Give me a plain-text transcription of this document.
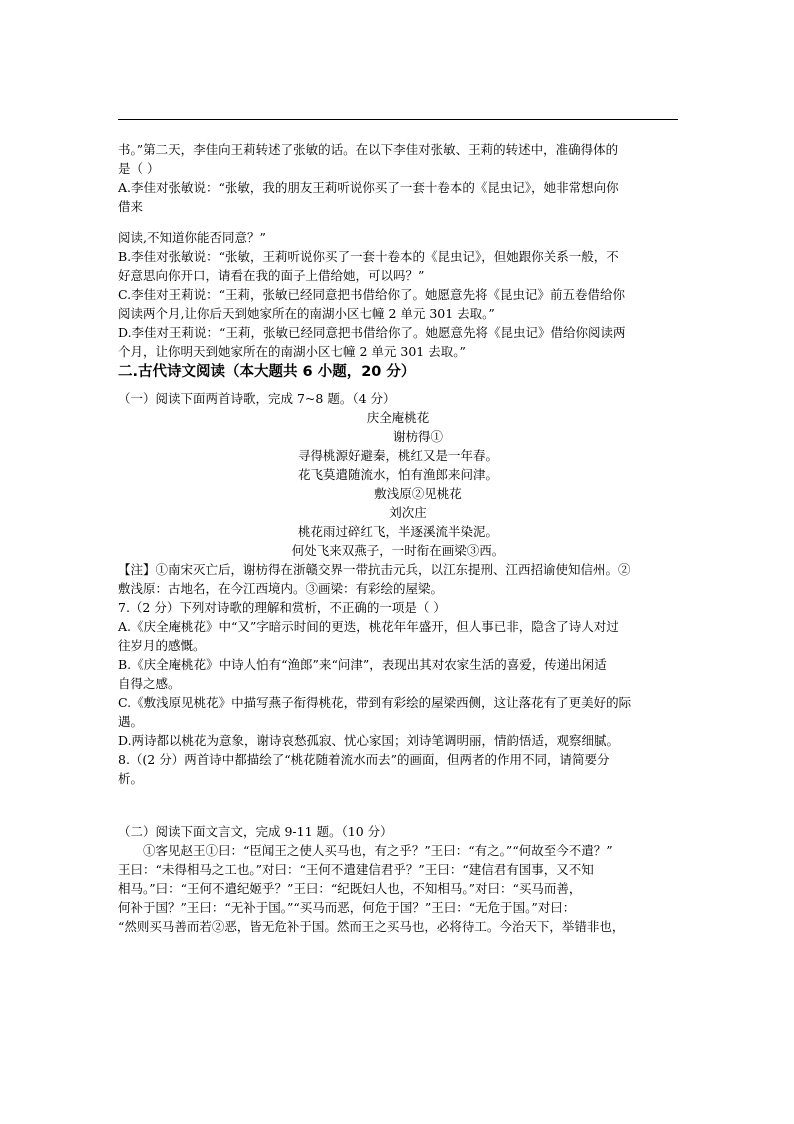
书。”第二天，李佳向王莉转述了张敏的话。在以下李佳对张敏、王莉的转述中，准确得体的

是（ ）

A.李佳对张敏说：“张敏，我的朋友王莉听说你买了一套十卷本的《昆虫记》，她非常想向你

借来

阅读,不知道你能否同意？”

B.李佳对张敏说：“张敏，王莉听说你买了一套十卷本的《昆虫记》，但她跟你关系一般，不

好意思向你开口，请看在我的面子上借给她，可以吗？”

C.李佳对王莉说：“王莉，张敏已经同意把书借给你了。她愿意先将《昆虫记》前五卷借给你

阅读两个月,让你后天到她家所在的南湖小区七幢 2 单元 301 去取。”

D.李佳对王莉说：“王莉，张敏已经同意把书借给你了。她愿意先将《昆虫记》借给你阅读两

个月，让你明天到她家所在的南湖小区七幢 2 单元 301 去取。”

二.古代诗文阅读（本大题共 6 小题，20 分）

（一）阅读下面两首诗歌，完成 7~8 题。（4 分）

庆全庵桃花

谢枋得①

寻得桃源好避秦，桃红又是一年春。

花飞莫遣随流水，怕有渔郎来问津。

敷浅原②见桃花

刘次庄

桃花雨过碎红飞，半逐溪流半染泥。

何处飞来双燕子，一时衔在画梁③西。

【注】①南宋灭亡后，谢枋得在浙赣交界一带抗击元兵，以江东提刑、江西招谕使知信州。②

敷浅原：古地名，在今江西境内。③画梁：有彩绘的屋梁。

7.（2 分）下列对诗歌的理解和赏析，不正确的一项是（ ）

A.《庆全庵桃花》中“又”字暗示时间的更迭，桃花年年盛开，但人事已非，隐含了诗人对过

往岁月的感慨。

B.《庆全庵桃花》中诗人怕有“渔郎”来“问津”，表现出其对农家生活的喜爱，传递出闲适

自得之感。

C.《敷浅原见桃花》中描写燕子衔得桃花，带到有彩绘的屋梁西侧，这让落花有了更美好的际

遇。

D.两诗都以桃花为意象，谢诗哀愁孤寂、忧心家国；刘诗笔调明丽，情韵悟适，观察细腻。

8.（(2 分）两首诗中都描绘了“桃花随着流水而去”的画面，但两者的作用不同，请简要分

析。

（二）阅读下面文言文，完成 9-11 题。（10 分）

①客见赵王①曰：“臣闻王之使人买马也，有之乎？”王曰：“有之。”“何故至今不遣？”

王曰：“未得相马之工也。”对曰：“王何不遣建信君乎？”王曰：“建信君有国事，又不知

相马。”曰：“王何不遣纪姬乎？”王曰：“纪既妇人也，不知相马。”对曰：“买马而善，

何补于国？”王曰：“无补于国。”“买马而恶，何危于国？”王曰：“无危于国。”对曰：

“然则买马善而若②恶，皆无危补于国。然而王之买马也，必将待工。今治天下，举错非也，
